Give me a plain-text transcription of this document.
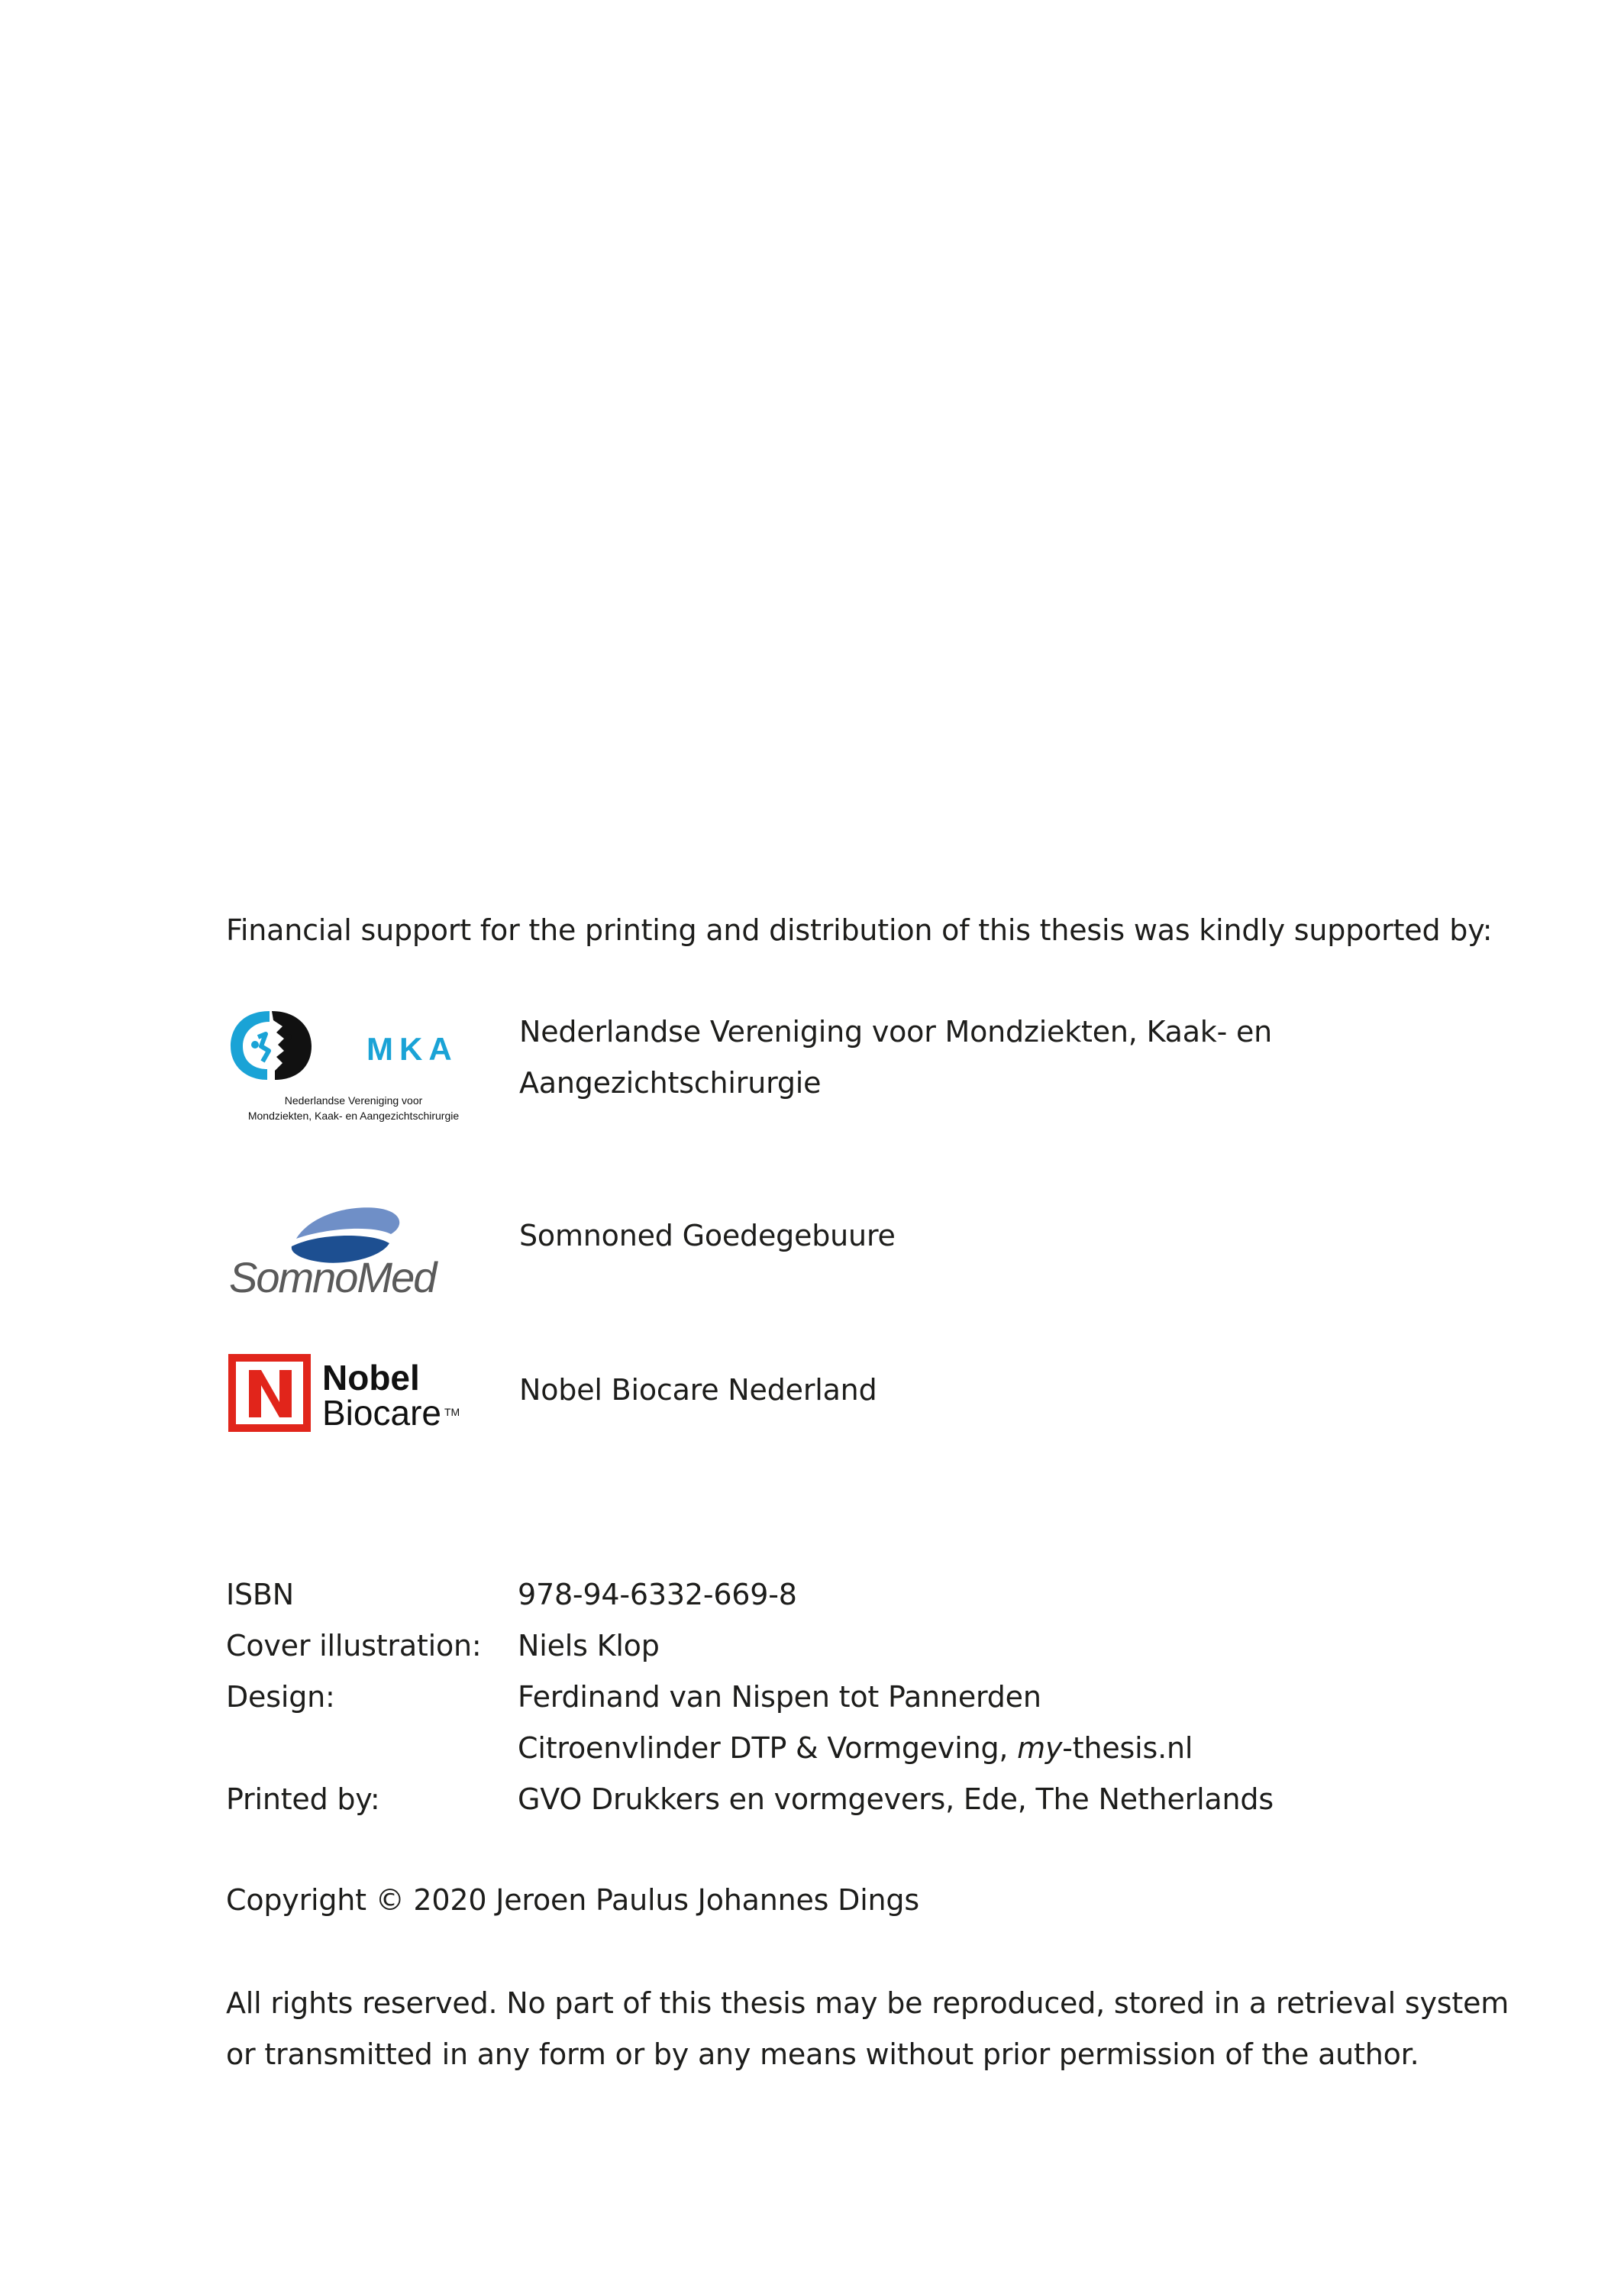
Financial support for the printing and distribution of this thesis was kindly supported by:
MKA
Nederlandse Vereniging voor
Mondziekten, Kaak- en Aangezichtschirurgie
Nederlandse Vereniging voor Mondziekten, Kaak- en
Aangezichtschirurgie
SomnoMed
Somnoned Goedegebuure
Nobel
Biocare TM
Nobel Biocare Nederland
ISBN	978-94-6332-669-8
Cover illustration: Niels Klop
Design:	Ferdinand van Nispen tot Pannerden
Citroenvlinder DTP & Vormgeving, my-thesis.nl
Printed by:	GVO Drukkers en vormgevers, Ede, The Netherlands
Copyright © 2020 Jeroen Paulus Johannes Dings
All rights reserved. No part of this thesis may be reproduced, stored in a retrieval system
or transmitted in any form or by any means without prior permission of the author.
